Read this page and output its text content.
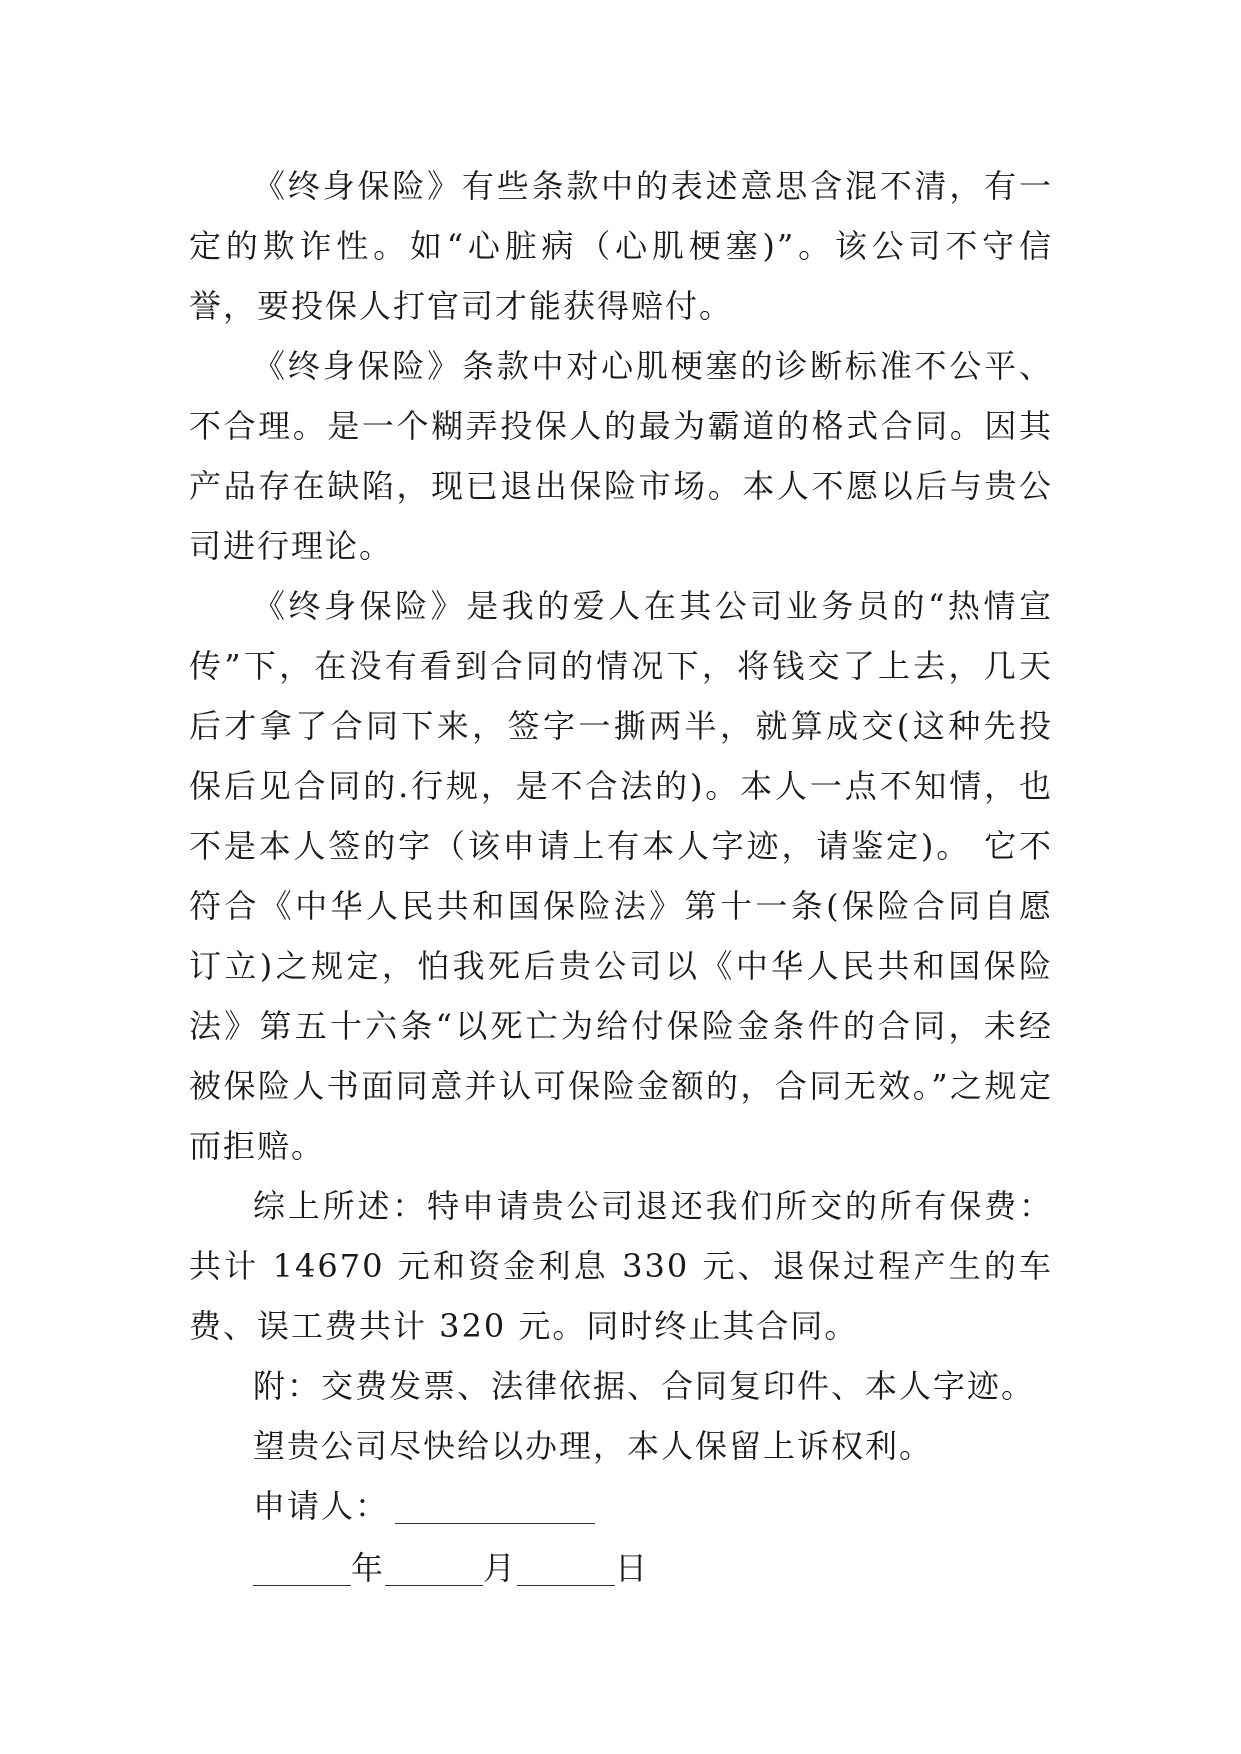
《终身保险》有些条款中的表述意思含混不清，有一定的欺诈性。如“心脏病（心肌梗塞)”。该公司不守信誉，要投保人打官司才能获得赔付。

《终身保险》条款中对心肌梗塞的诊断标准不公平、不合理。是一个糊弄投保人的最为霸道的格式合同。因其产品存在缺陷，现已退出保险市场。本人不愿以后与贵公司进行理论。

《终身保险》是我的爱人在其公司业务员的“热情宣传”下，在没有看到合同的情况下，将钱交了上去，几天后才拿了合同下来，签字一撕两半，就算成交(这种先投保后见合同的.行规，是不合法的)。本人一点不知情，也不是本人签的字（该申请上有本人字迹，请鉴定)。 它不符合《中华人民共和国保险法》第十一条(保险合同自愿订立)之规定，怕我死后贵公司以《中华人民共和国保险法》第五十六条“以死亡为给付保险金条件的合同，未经被保险人书面同意并认可保险金额的，合同无效。”之规定而拒赔。

综上所述：特申请贵公司退还我们所交的所有保费：共计 14670 元和资金利息 330 元、退保过程产生的车费、误工费共计 320 元。同时终止其合同。

附：交费发票、法律依据、合同复印件、本人字迹。

望贵公司尽快给以办理，本人保留上诉权利。

申请人：

年	月	日
